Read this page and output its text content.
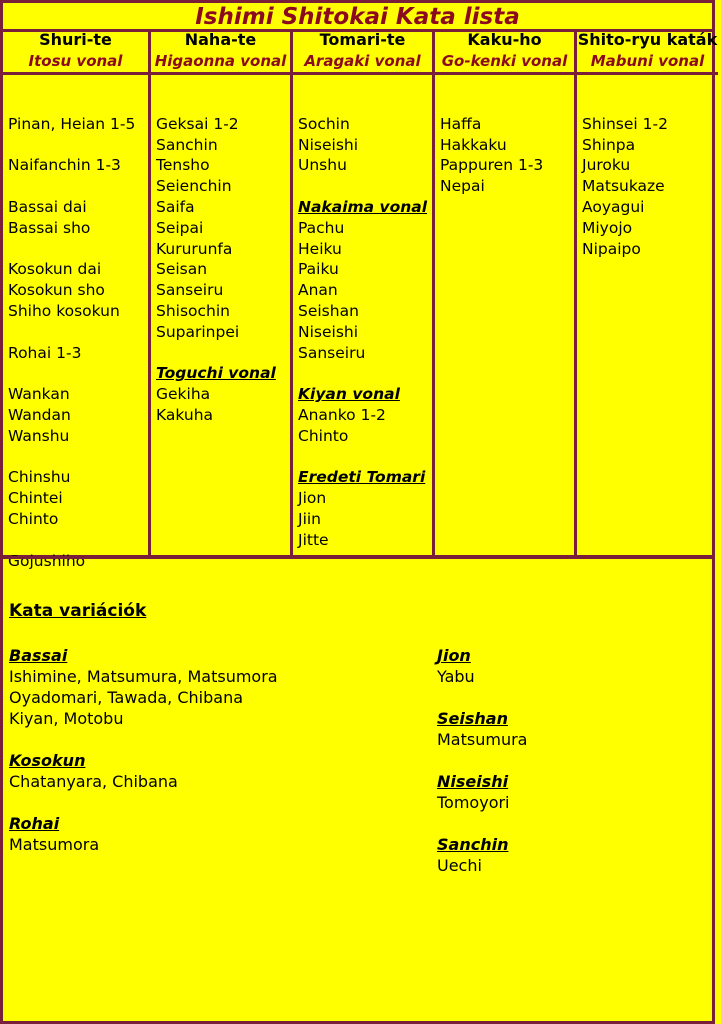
Ishimi Shitokai Kata lista
Shuri-te
Itosu vonal
Pinan, Heian 1-5
Naifanchin 1-3
Bassai dai
Bassai sho
Kosokun dai
Kosokun sho
Shiho kosokun
Rohai 1-3
Wankan
Wandan
Wanshu
Chinshu
Chintei
Chinto
Gojushiho
Naha-te
Higaonna vonal
Geksai 1-2
Sanchin
Tensho
Seienchin
Saifa
Seipai
Kururunfa
Seisan
Sanseiru
Shisochin
Suparinpei
Toguchi vonal
Gekiha
Kakuha
Tomari-te
Aragaki vonal
Sochin
Niseishi
Unshu
Nakaima vonal
Pachu
Heiku
Paiku
Anan
Seishan
Niseishi
Sanseiru
Kiyan vonal
Ananko 1-2
Chinto
Eredeti Tomari
Jion
Jiin
Jitte
Kaku-ho
Go-kenki vonal
Haffa
Hakkaku
Pappuren 1-3
Nepai
Shito-ryu katák
Mabuni vonal
Shinsei 1-2
Shinpa
Juroku
Matsukaze
Aoyagui
Miyojo
Nipaipo
Kata variációk
Bassai
Ishimine, Matsumura, Matsumora
Oyadomari, Tawada, Chibana
Kiyan, Motobu
Kosokun
Chatanyara, Chibana
Rohai
Matsumora
Jion
Yabu
Seishan
Matsumura
Niseishi
Tomoyori
Sanchin
Uechi
